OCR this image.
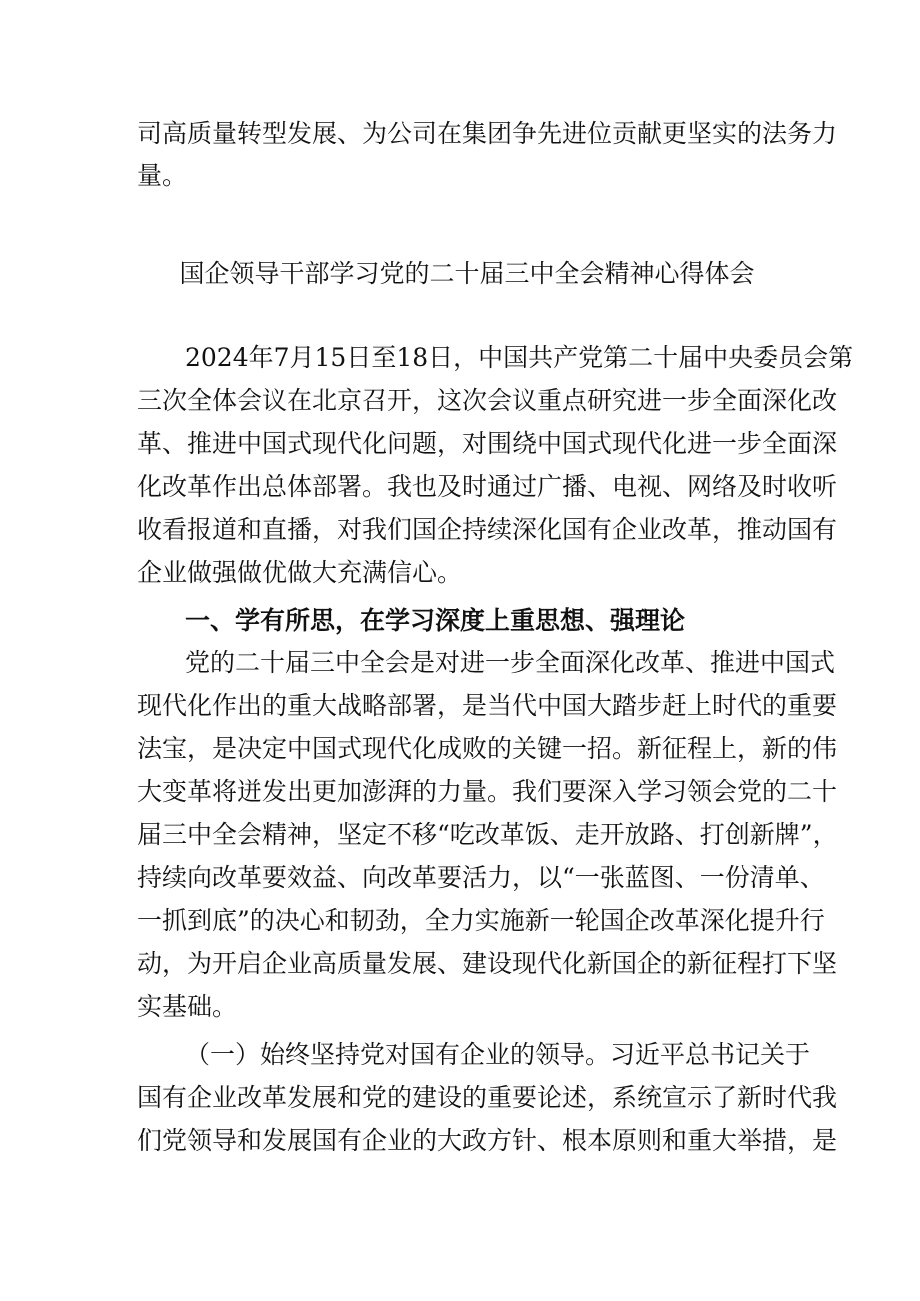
司高质量转型发展、为公司在集团争先进位贡献更坚实的法务力
量。
国企领导干部学习党的二十届三中全会精神心得体会
2024年7月15日至18日，中国共产党第二十届中央委员会第
三次全体会议在北京召开，这次会议重点研究进一步全面深化改
革、推进中国式现代化问题，对围绕中国式现代化进一步全面深
化改革作出总体部署。我也及时通过广播、电视、网络及时收听
收看报道和直播，对我们国企持续深化国有企业改革，推动国有
企业做强做优做大充满信心。
一、学有所思，在学习深度上重思想、强理论
党的二十届三中全会是对进一步全面深化改革、推进中国式
现代化作出的重大战略部署，是当代中国大踏步赶上时代的重要
法宝，是决定中国式现代化成败的关键一招。新征程上，新的伟
大变革将迸发出更加澎湃的力量。我们要深入学习领会党的二十
届三中全会精神，坚定不移“吃改革饭、走开放路、打创新牌”，
持续向改革要效益、向改革要活力，以“一张蓝图、一份清单、
一抓到底”的决心和韧劲，全力实施新一轮国企改革深化提升行
动，为开启企业高质量发展、建设现代化新国企的新征程打下坚
实基础。
（一）始终坚持党对国有企业的领导。习近平总书记关于
国有企业改革发展和党的建设的重要论述，系统宣示了新时代我
们党领导和发展国有企业的大政方针、根本原则和重大举措，是
